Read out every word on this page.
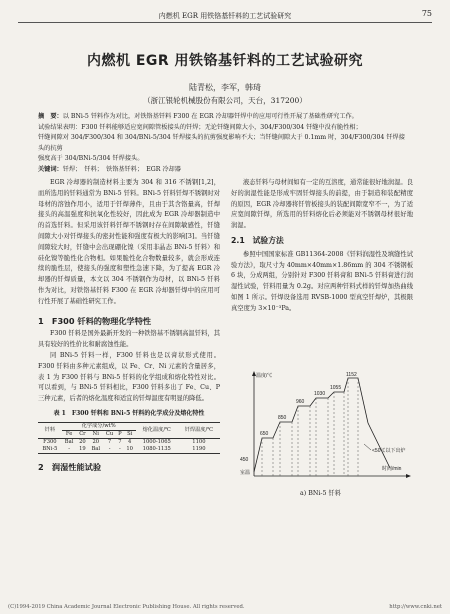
内燃机 EGR 用铁铬基钎料的工艺试验研究	75
内燃机 EGR 用铁铬基钎料的工艺试验研究
陆青松，李军，韩琦
（浙江银轮机械股份有限公司，天台，317200）
摘　要：以 BNi-5 钎料作为对比，对铁铬基钎料 F300 在 EGR 冷却器钎焊中的应用可行性开展了基础性研究工作。
试验结果表明：F300 钎料能够适应宽间隙管板接头的钎焊；无论钎缝间隙大小，304/F300/304 钎缝中没有脆性相；
钎缝间隙对 304/F300/304 和 304/BNi-5/304 钎焊接头的抗剪强度影响不大；当钎缝间隙大于 0.1mm 时，304/F300/304 钎焊接头的抗剪
强度高于 304/BNi-5/304 钎焊接头。
关键词：钎焊；　钎料；　铁铬基钎料；　EGR 冷却器

EGR 冷却器的制造材料主要为 304 和 316 不锈钢[1,2]，而所选用的钎料通常为 BNi-5 钎料。BNi-5 钎料钎焊不锈钢时对母材的溶蚀作用小，适用于钎焊薄件，且由于其含铬量高，钎焊接头的高温强度和抗氧化性较好，因此成为 EGR 冷却器制造中的首选钎料。但采用该钎料钎焊不锈钢时存在间隙敏感性，钎缝间隙大小对钎焊接头的密封性能和强度有极大的影响[3]。当钎缝间隙较大时，钎缝中会出现硼化镍（采用非晶态 BNi-5 钎料）和硅化镍等脆性化合物相。如果脆性化合物数量较多，就会形成连续的脆性层，使接头的强度和塑性急速下降，为了提高 EGR 冷却器的钎焊质量，本文以 304 不锈钢作为母材，以 BNi-5 钎料作为对比，对铁铬基钎料 F300 在 EGR 冷却器钎焊中的应用可行性开展了基础性研究工作。

1　F300 钎料的物理化学特性

F300 钎料是国外最新开发的一种铁铬基不锈钢高温钎料，其具有较好的性价比和耐腐蚀性能。

同 BNi-5 钎料一样，F300 钎料也是以膏状形式使用。F300 钎料由多种元素组成，以 Fe、Cr、Ni 元素的含量居多，表 1 为 F300 钎料与 BNi-5 钎料的化学组成和熔化特性对比。可以看到，与 BNi-5 钎料相比，F300 钎料多出了 Fe、Cu、P 三种元素，后者的熔化温度和适宜的钎焊温度有明显的降低。

表 1　F300 钎料和 BNi-5 钎料的化学成分及熔化特性
钎料	化学成分/wt%						熔化温度/℃	钎焊温度/℃
	Fe	Cr	Ni	Cu	P	Si		
F300	Bal	20	20	7	7	4	1000-1065	1100
BNi-5	-	19	Bal	-	-	10	1080-1135	1190
2　润湿性能试验

液态钎料与母材间如有一定的互溶度，通常能很好地润湿。良好的润湿性能是形成牢固钎焊接头的前提，由于制造和装配精度的原因，EGR 冷却器将钎管板接头的装配间隙宽窄不一，为了适应宽间隙钎焊，所选用的钎料熔化后必须能对不锈钢母材很好地润湿。

2.1　试验方法

参照中国国家标准 GB11364-2008《钎料润湿性及填缝性试验方法》，取尺寸为 40mm×40mm×1.86mm 的 304 不锈钢板 6 块，分成两组，分别针对 F300 钎料膏和 BNi-5 钎料膏进行润湿性试验，钎料用量为 0.2g。对应两种钎料式样的钎焊加热曲线如图 1 所示。钎焊设备选用 RVSB-1000 型真空钎焊炉，其极限真空度为 3×10⁻³Pa。

温度/℃	1152
1055
1030
960
850
650
450
室温
<50℃以下出炉
时间/min
a) BNi-5 钎料
(C)1994-2019 China Academic Journal Electronic Publishing House. All rights reserved.	http://www.cnki.net
